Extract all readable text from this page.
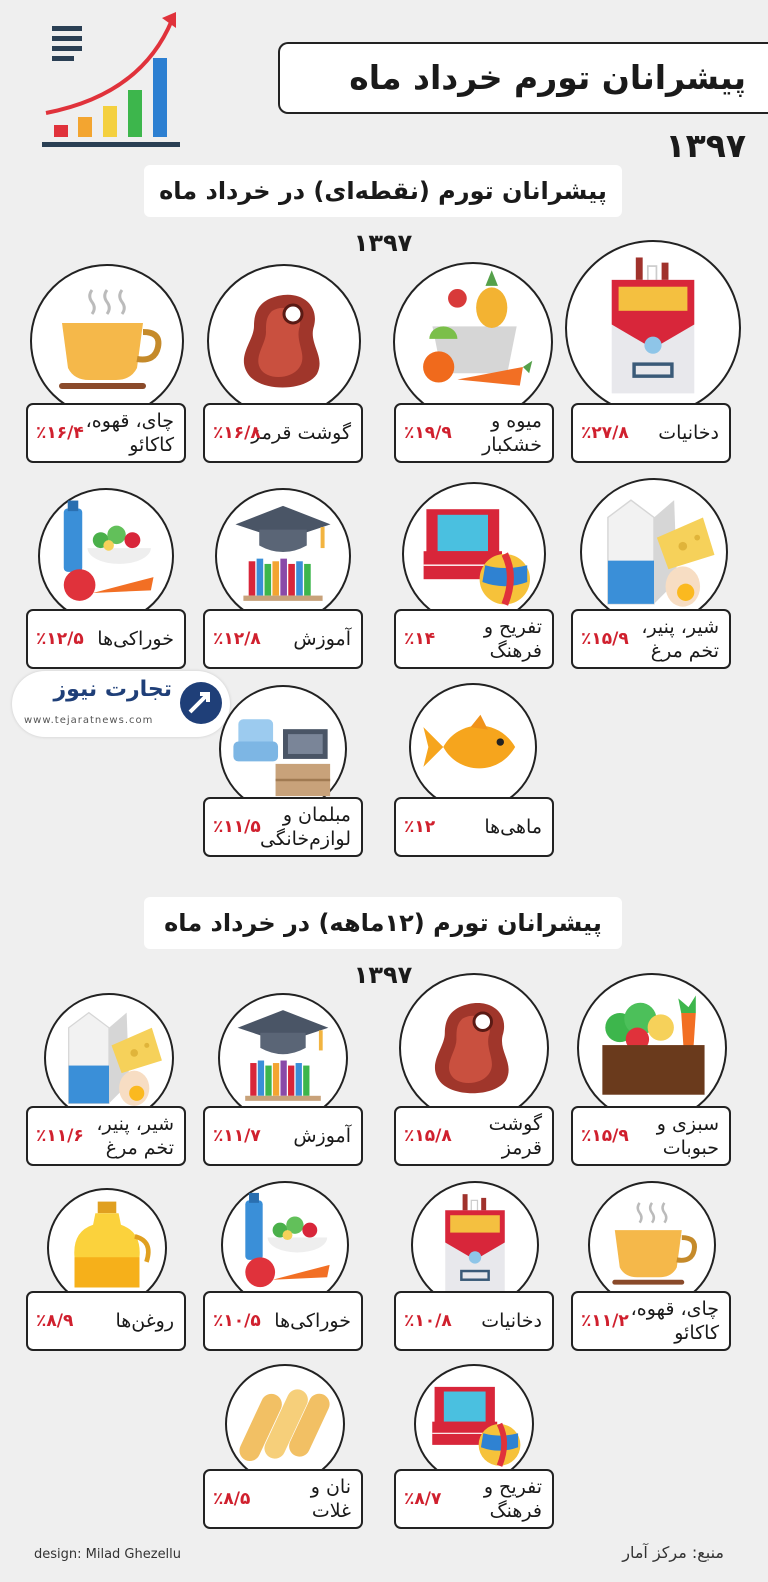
پیشرانان تورم خرداد ماه ۱۳۹۷
پیشرانان تورم (نقطه‌ای) در خرداد ماه ۱۳۹۷
پیشرانان تورم (۱۲ماهه) در خرداد ماه ۱۳۹۷
دخانیات
٪۲۷/۸
میوه و
خشکبار
٪۱۹/۹
گوشت قرمز
٪۱۶/۸
چای، قهوه،
کاکائو
٪۱۶/۴
شیر، پنیر،
تخم مرغ
٪۱۵/۹
تفریح و
فرهنگ
٪۱۴
آموزش
٪۱۲/۸
خوراکی‌ها
٪۱۲/۵
ماهی‌ها
٪۱۲
مبلمان و
لوازم‌خانگی
٪۱۱/۵
سبزی و
حبوبات
٪۱۵/۹
گوشت
قرمز
٪۱۵/۸
آموزش
٪۱۱/۷
شیر، پنیر،
تخم مرغ
٪۱۱/۶
چای، قهوه،
کاکائو
٪۱۱/۲
دخانیات
٪۱۰/۸
خوراکی‌ها
٪۱۰/۵
روغن‌ها
٪۸/۹
تفریح و
فرهنگ
٪۸/۷
نان و
غلات
٪۸/۵
تجارت نیوز
www.tejaratnews.com
design: Milad Ghezellu	منبع: مرکز آمار
